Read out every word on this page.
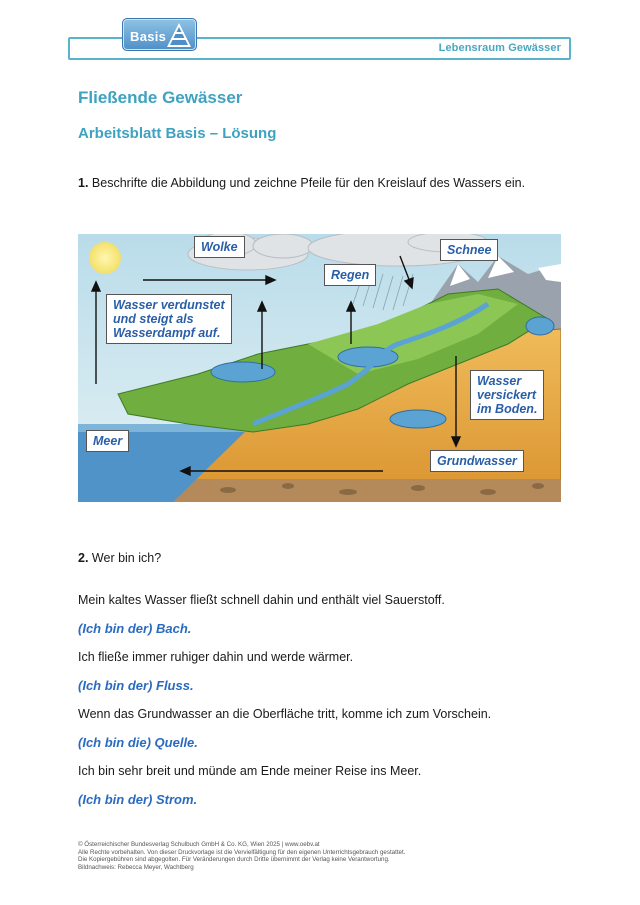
Lebensraum Gewässer
Basis
Fließende Gewässer
Arbeitsblatt Basis – Lösung
1. Beschrifte die Abbildung und zeichne Pfeile für den Kreislauf des Wassers ein.
Wolke
Regen
Schnee
Wasser verdunstet
und steigt als
Wasserdampf auf.
Wasser
versickert
im Boden.
Meer
Grundwasser
2. Wer bin ich?
Mein kaltes Wasser fließt schnell dahin und enthält viel Sauerstoff.
(Ich bin der) Bach.
Ich fließe immer ruhiger dahin und werde wärmer.
(Ich bin der) Fluss.
Wenn das Grundwasser an die Oberfläche tritt, komme ich zum Vorschein.
(Ich bin die) Quelle.
Ich bin sehr breit und münde am Ende meiner Reise ins Meer.
(Ich bin der) Strom.
© Österreichischer Bundesverlag Schulbuch GmbH & Co. KG, Wien 2025 | www.oebv.at
Alle Rechte vorbehalten. Von dieser Druckvorlage ist die Vervielfältigung für den eigenen Unterrichtsgebrauch gestattet.
Die Kopiergebühren sind abgegolten. Für Veränderungen durch Dritte übernimmt der Verlag keine Verantwortung.
Bildnachweis: Rebecca Meyer, Wachtberg
